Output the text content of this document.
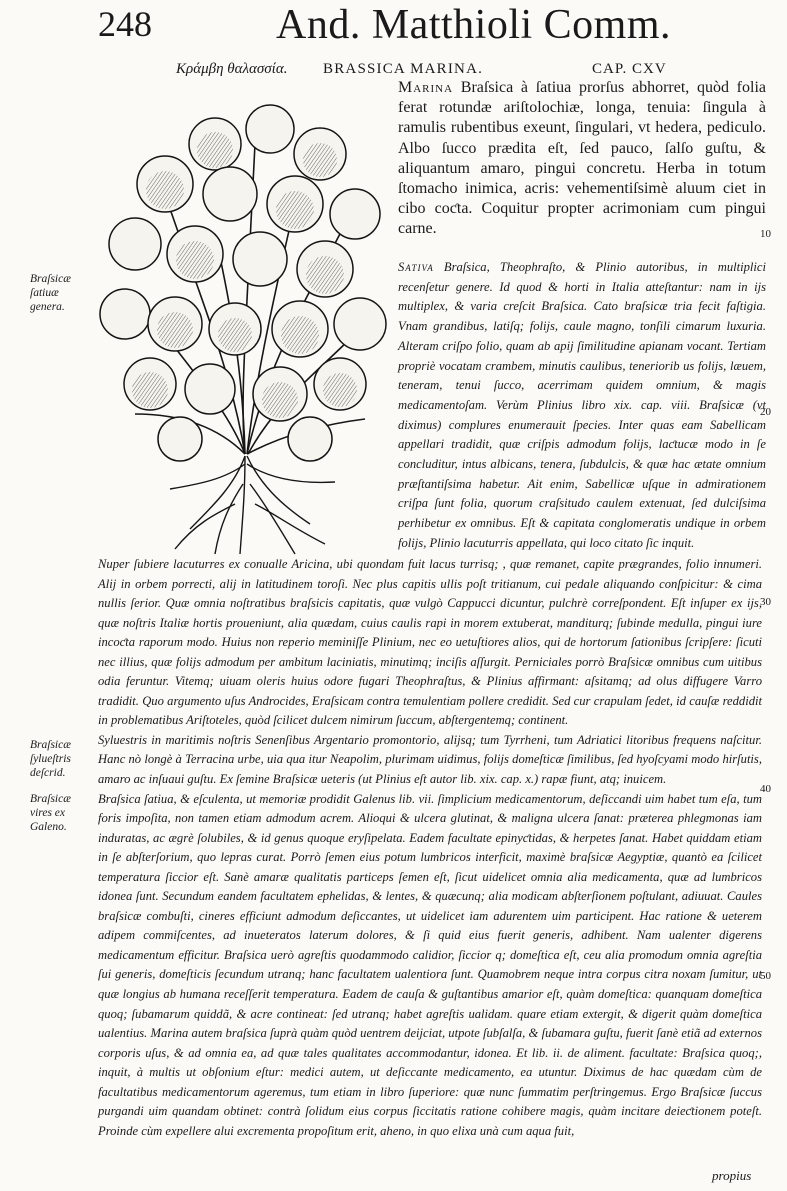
248	And. Matthioli Comm.
Κράμβη θαλασσία. BRASSICA MARINA.	CAP. CXV

Marina Braſsica à ſatiua prorſus abhorret, quòd folia ferat rotundæ ariſtolochiæ, longa, tenuia: ſingula à ramulis rubentibus exeunt, ſingulari, vt hedera, pediculo. Albo ſucco prædita eſt, ſed pauco, ſalſo guſtu, & aliquantum amaro, pingui concretu. Herba in totum ſtomacho inimica, acris: vehementiſsimè aluum ciet in cibo coƈta. Coquitur propter acrimoniam cum pingui carne.

Sativa Braſsica, Theophraſto, & Plinio autoribus, in multiplici recenſetur genere. Id quod & horti in Italia atteſtantur: nam in ijs multiplex, & varia creſcit Braſsica. Cato braſsicæ tria fecit faſtigia. Vnam grandibus, latiſq; folijs, caule magno, tonſili cimarum luxuria. Alteram criſpo folio, quam ab apij ſimilitudine apianam vocant. Tertiam propriè vocatam crambem, minutis caulibus, teneriorib us folijs, læuem, teneram, tenui ſucco, acerrimam quidem omnium, & magis medicamentoſam. Verùm Plinius libro xix. cap. viii. Braſsicæ (vt diximus) complures enumerauit ſpecies. Inter quas eam Sabellicam appellari tradidit, quæ criſpis admodum folijs, laƈtucæ modo in ſe concluditur, intus albicans, tenera, ſubdulcis, & quæ hac ætate omnium præſtantiſsima habetur. Ait enim, Sabellicæ uſque in admirationem criſpa ſunt folia, quorum craſsitudo caulem extenuat, ſed dulciſsima perhibetur ex omnibus. Eſt & capitata conglomeratis undique in orbem folijs, Plinio lacuturris appellata, qui loco citato ſic inquit.

Nuper ſubiere lacuturres ex conualle Aricina, ubi quondam fuit lacus turrisq; , quæ remanet, capite prægrandes, folio innumeri. Alij in orbem porrecti, alij in latitudinem toroſi. Nec plus capitis ullis poſt tritianum, cui pedale aliquando conſpicitur: & cima nullis ſerior. Quæ omnia noſtratibus braſsicis capitatis, quæ vulgò Cappucci dicuntur, pulchrè correſpondent. Eſt inſuper ex ijs, quæ noſtris Italiæ hortis proueniunt, alia quædam, cuius caulis rapi in morem extuberat, manditurq; ſubinde medulla, pingui iure incoƈta raporum modo. Huius non reperio meminiſſe Plinium, nec eo uetuſtiores alios, qui de hortorum ſationibus ſcripſere: ſicuti nec illius, quæ folijs admodum per ambitum laciniatis, minutimq; inciſis aſſurgit. Perniciales porrò Braſsicæ omnibus cum uitibus odia feruntur. Vitemq; uiuam oleris huius odore fugari Theophraſtus, & Plinius affirmant: aſsitamq; ad olus diffugere Varro tradidit. Quo argumento uſus Androcides, Eraſsicam contra temulentiam pollere credidit. Sed cur crapulam ſedet, id cauſæ reddidit in problematibus Ariſtoteles, quòd ſcilicet dulcem nimirum ſuccum, abſtergentemq; continent.

Syluestris in maritimis noſtris Senenſibus Argentario promontorio, alijsq; tum Tyrrheni, tum Adriatici litoribus frequens naſcitur. Hanc nò longè à Terracina urbe, uia qua itur Neapolim, plurimam uidimus, folijs domeſticæ ſimilibus, ſed hyoſcyami modo hirſutis, amaro ac inſuaui guſtu. Ex ſemine Braſsicæ ueteris (ut Plinius eſt autor lib. xix. cap. x.) rapæ fiunt, atq; inuicem.

Braſsica ſatiua, & eſculenta, ut memoriæ prodidit Galenus lib. vii. ſimplicium medicamentorum, deſiccandi uim habet tum eſa, tum foris impoſita, non tamen etiam admodum acrem. Alioqui & ulcera glutinat, & maligna ulcera ſanat: præterea phlegmonas iam induratas, ac ægrè ſolubiles, & id genus quoque eryſipelata. Eadem facultate epinyƈtidas, & herpetes ſanat. Habet quiddam etiam in ſe abſterſorium, quo lepras curat. Porrò ſemen eius potum lumbricos interficit, maximè braſsicæ Aegyptiæ, quantò ea ſcilicet temperatura ſiccior eſt. Sanè amaræ qualitatis particeps ſemen eſt, ſicut uidelicet omnia alia medicamenta, quæ ad lumbricos idonea ſunt. Secundum eandem facultatem ephelidas, & lentes, & quæcunq; alia modicam abſterſionem poſtulant, adiuuat. Caules braſsicæ combuſti, cineres efficiunt admodum deſiccantes, ut uidelicet iam adurentem uim participent. Hac ratione & ueterem adipem commiſcentes, ad inueteratos laterum dolores, & ſi quid eius fuerit generis, adhibent. Nam ualenter digerens medicamentum efficitur. Braſsica uerò agreſtis quodammodo calidior, ſiccior q; domeſtica eſt, ceu alia promodum omnia agreſtia ſui generis, domeſticis ſecundum utranq; hanc facultatem ualentiora ſunt. Quamobrem neque intra corpus citra noxam ſumitur, ut quæ longius ab humana receſſerit temperatura. Eadem de cauſa & guſtantibus amarior eſt, quàm domeſtica: quanquam domeſtica quoq; ſubamarum quiddã, & acre contineat: ſed utranq; habet agreſtis ualidam. quare etiam extergit, & digerit quàm domeſtica ualentius. Marina autem braſsica ſuprà quàm quòd uentrem deijciat, utpote ſubſalſa, & ſubamara guſtu, fuerit ſanè etiã ad externos corporis uſus, & ad omnia ea, ad quæ tales qualitates accommodantur, idonea. Et lib. ii. de aliment. facultate: Braſsica quoq;, inquit, à multis ut obſonium eſtur: medici autem, ut deſiccante medicamento, ea utuntur. Diximus de hac quædam cùm de facultatibus medicamentorum ageremus, tum etiam in libro ſuperiore: quæ nunc ſummatim perſtringemus. Ergo Braſsicæ ſuccus purgandi uim quandam obtinet: contrà ſolidum eius corpus ſiccitatis ratione cohibere magis, quàm incitare deieƈtionem poteſt. Proinde cùm expellere alui excrementa propoſitum erit, aheno, in quo elixa unà cum aqua fuit,

Braſsicæ ſatiuæ genera.
Braſsicæ ſylueſtris deſcrid.
Braſsicæ vires ex Galeno.
10
20
30
40
50
propius
